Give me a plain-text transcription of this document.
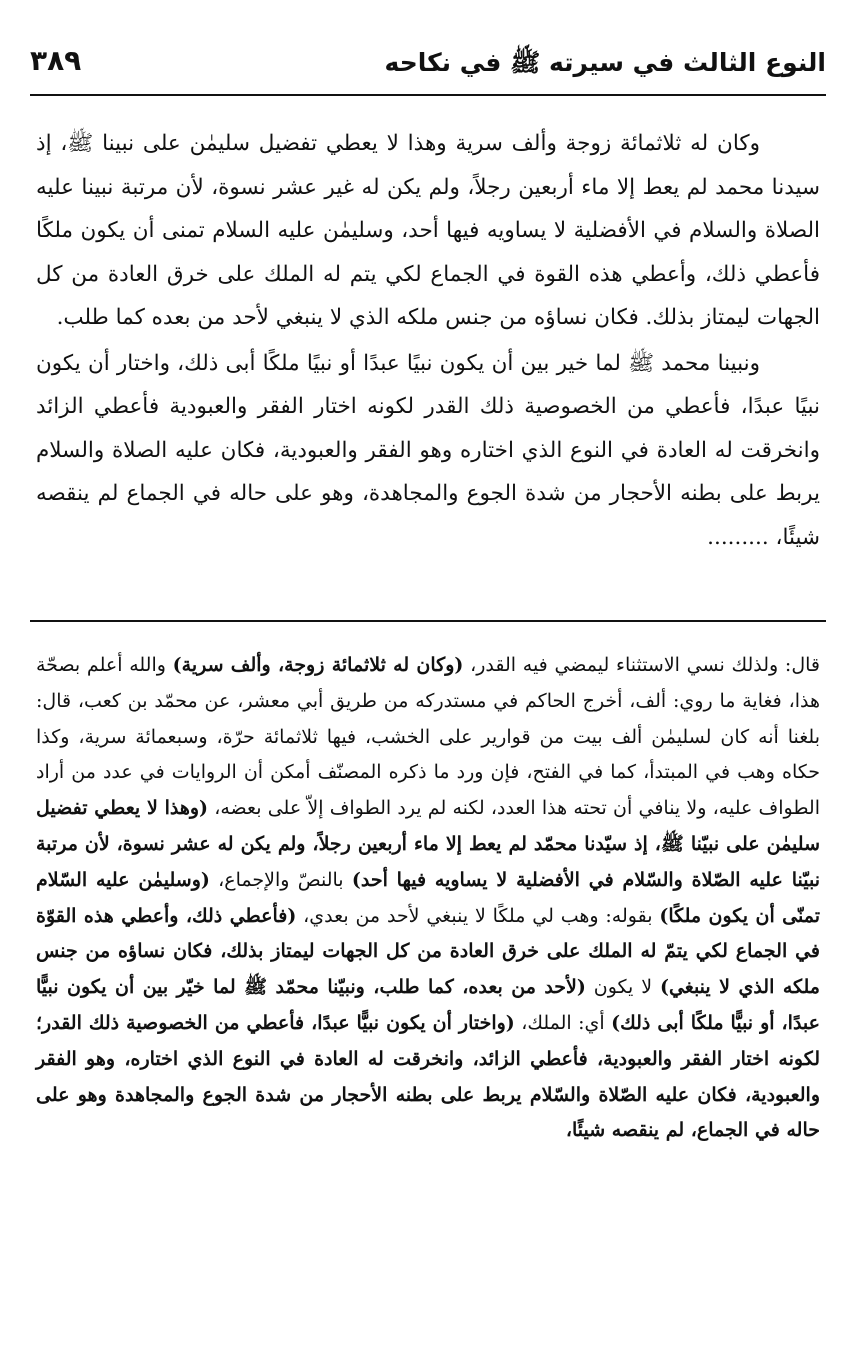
النوع الثالث في سيرته ﷺ في نكاحه
٣٨٩

وكان له ثلاثمائة زوجة وألف سرية وهذا لا يعطي تفضيل سليمٰن على نبينا ﷺ، إذ سيدنا محمد لم يعط إلا ماء أربعين رجلاً، ولم يكن له غير عشر نسوة، لأن مرتبة نبينا عليه الصلاة والسلام في الأفضلية لا يساويه فيها أحد، وسليمٰن عليه السلام تمنى أن يكون ملكًا فأعطي ذلك، وأعطي هذه القوة في الجماع لكي يتم له الملك على خرق العادة من كل الجهات ليمتاز بذلك. فكان نساؤه من جنس ملكه الذي لا ينبغي لأحد من بعده كما طلب.

ونبينا محمد ﷺ لما خير بين أن يكون نبيًا عبدًا أو نبيًا ملكًا أبى ذلك، واختار أن يكون نبيًا عبدًا، فأعطي من الخصوصية ذلك القدر لكونه اختار الفقر والعبودية فأعطي الزائد وانخرقت له العادة في النوع الذي اختاره وهو الفقر والعبودية، فكان عليه الصلاة والسلام يربط على بطنه الأحجار من شدة الجوع والمجاهدة، وهو على حاله في الجماع لم ينقصه شيئًا، .........

قال: ولذلك نسي الاستثناء ليمضي فيه القدر، (وكان له ثلاثمائة زوجة، وألف سرية) والله أعلم بصحّة هذا، فغاية ما روي: ألف، أخرج الحاكم في مستدركه من طريق أبي معشر، عن محمّد بن كعب، قال: بلغنا أنه كان لسليمٰن ألف بيت من قوارير على الخشب، فيها ثلاثمائة حرّة، وسبعمائة سرية، وكذا حكاه وهب في المبتدأ، كما في الفتح، فإن ورد ما ذكره المصنّف أمكن أن الروايات في عدد من أراد الطواف عليه، ولا ينافي أن تحته هذا العدد، لكنه لم يرد الطواف إلاّ على بعضه، (وهذا لا يعطي تفضيل سليمٰن على نبيّنا ﷺ، إذ سيّدنا محمّد لم يعط إلا ماء أربعين رجلاً، ولم يكن له عشر نسوة، لأن مرتبة نبيّنا عليه الصّلاة والسّلام في الأفضلية لا يساويه فيها أحد) بالنصّ والإجماع، (وسليمٰن عليه السّلام تمنّى أن يكون ملكًا) بقوله: وهب لي ملكًا لا ينبغي لأحد من بعدي، (فأعطي ذلك، وأعطي هذه القوّة في الجماع لكي يتمّ له الملك على خرق العادة من كل الجهات ليمتاز بذلك، فكان نساؤه من جنس ملكه الذي لا ينبغي) لا يكون (لأحد من بعده، كما طلب، ونبيّنا محمّد ﷺ لما خيّر بين أن يكون نبيًّا عبدًا، أو نبيًّا ملكًا أبى ذلك) أي: الملك، (واختار أن يكون نبيًّا عبدًا، فأعطي من الخصوصية ذلك القدر؛ لكونه اختار الفقر والعبودية، فأعطي الزائد، وانخرقت له العادة في النوع الذي اختاره، وهو الفقر والعبودية، فكان عليه الصّلاة والسّلام يربط على بطنه الأحجار من شدة الجوع والمجاهدة وهو على حاله في الجماع، لم ينقصه شيئًا،
